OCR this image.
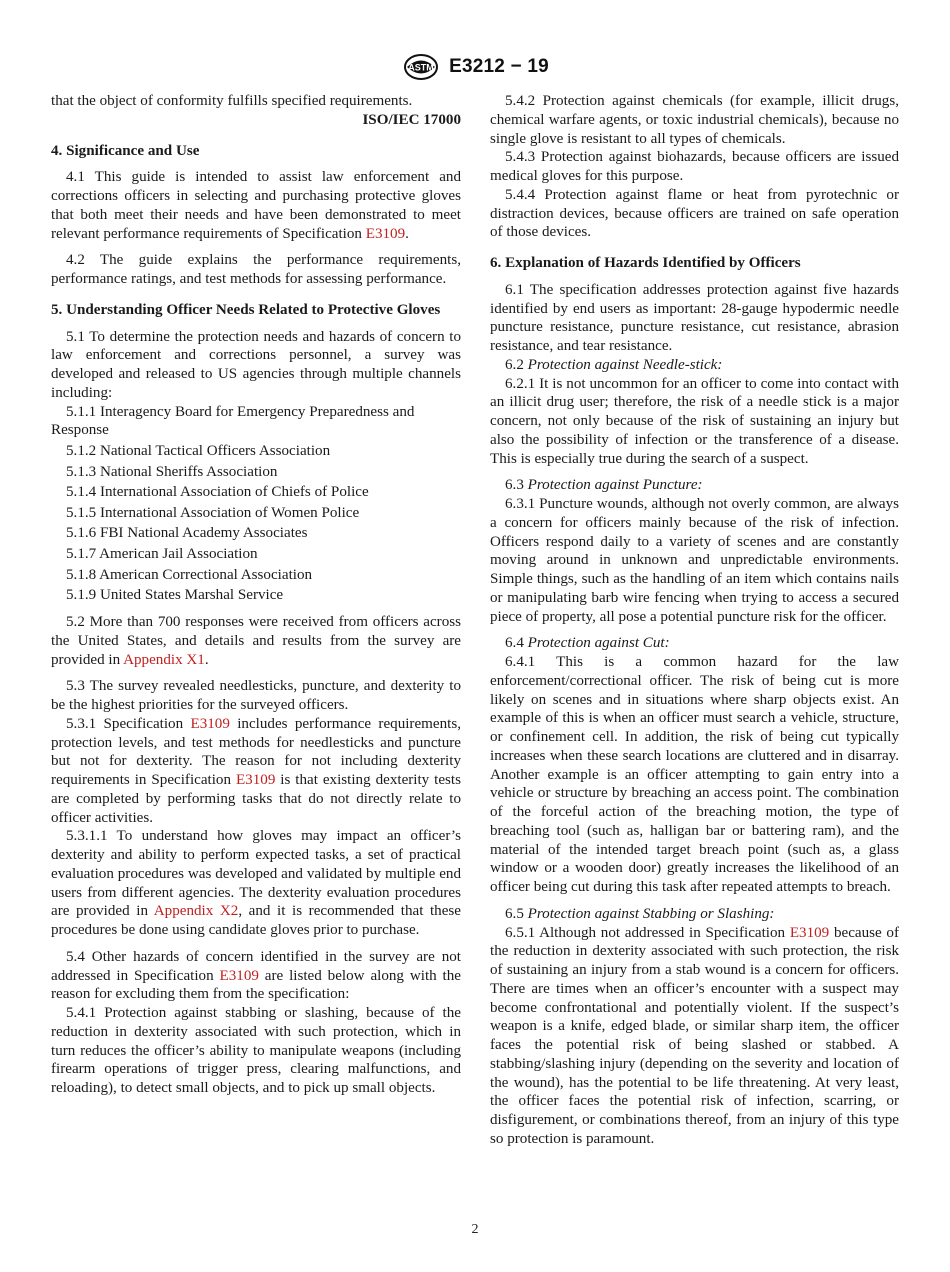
ASTM E3212 − 19

that the object of conformity fulfills specified requirements.

ISO/IEC 17000

4. Significance and Use

4.1 This guide is intended to assist law enforcement and corrections officers in selecting and purchasing protective gloves that both meet their needs and have been demonstrated to meet relevant performance requirements of Specification E3109.

4.2 The guide explains the performance requirements, performance ratings, and test methods for assessing performance.

5. Understanding Officer Needs Related to Protective Gloves

5.1 To determine the protection needs and hazards of concern to law enforcement and corrections personnel, a survey was developed and released to US agencies through multiple channels including:

5.1.1 Interagency Board for Emergency Preparedness and Response

5.1.2 National Tactical Officers Association

5.1.3 National Sheriffs Association

5.1.4 International Association of Chiefs of Police

5.1.5 International Association of Women Police

5.1.6 FBI National Academy Associates

5.1.7 American Jail Association

5.1.8 American Correctional Association

5.1.9 United States Marshal Service

5.2 More than 700 responses were received from officers across the United States, and details and results from the survey are provided in Appendix X1.

5.3 The survey revealed needlesticks, puncture, and dexterity to be the highest priorities for the surveyed officers.

5.3.1 Specification E3109 includes performance requirements, protection levels, and test methods for needlesticks and puncture but not for dexterity. The reason for not including dexterity requirements in Specification E3109 is that existing dexterity tests are completed by performing tasks that do not directly relate to officer activities.

5.3.1.1 To understand how gloves may impact an officer’s dexterity and ability to perform expected tasks, a set of practical evaluation procedures was developed and validated by multiple end users from different agencies. The dexterity evaluation procedures are provided in Appendix X2, and it is recommended that these procedures be done using candidate gloves prior to purchase.

5.4 Other hazards of concern identified in the survey are not addressed in Specification E3109 are listed below along with the reason for excluding them from the specification:

5.4.1 Protection against stabbing or slashing, because of the reduction in dexterity associated with such protection, which in turn reduces the officer’s ability to manipulate weapons (including firearm operations of trigger press, clearing malfunctions, and reloading), to detect small objects, and to pick up small objects.

5.4.2 Protection against chemicals (for example, illicit drugs, chemical warfare agents, or toxic industrial chemicals), because no single glove is resistant to all types of chemicals.

5.4.3 Protection against biohazards, because officers are issued medical gloves for this purpose.

5.4.4 Protection against flame or heat from pyrotechnic or distraction devices, because officers are trained on safe operation of those devices.

6. Explanation of Hazards Identified by Officers

6.1 The specification addresses protection against five hazards identified by end users as important: 28-gauge hypodermic needle puncture resistance, puncture resistance, cut resistance, abrasion resistance, and tear resistance.

6.2 Protection against Needle-stick:

6.2.1 It is not uncommon for an officer to come into contact with an illicit drug user; therefore, the risk of a needle stick is a major concern, not only because of the risk of sustaining an injury but also the possibility of infection or the transference of a disease. This is especially true during the search of a suspect.

6.3 Protection against Puncture:

6.3.1 Puncture wounds, although not overly common, are always a concern for officers mainly because of the risk of infection. Officers respond daily to a variety of scenes and are constantly moving around in unknown and unpredictable environments. Simple things, such as the handling of an item which contains nails or manipulating barb wire fencing when trying to access a secured piece of property, all pose a potential puncture risk for the officer.

6.4 Protection against Cut:

6.4.1 This is a common hazard for the law enforcement/correctional officer. The risk of being cut is more likely on scenes and in situations where sharp objects exist. An example of this is when an officer must search a vehicle, structure, or confinement cell. In addition, the risk of being cut typically increases when these search locations are cluttered and in disarray. Another example is an officer attempting to gain entry into a vehicle or structure by breaching an access point. The combination of the forceful action of the breaching motion, the type of breaching tool (such as, halligan bar or battering ram), and the material of the intended target breach point (such as, a glass window or a wooden door) greatly increases the likelihood of an officer being cut during this task after repeated attempts to breach.

6.5 Protection against Stabbing or Slashing:

6.5.1 Although not addressed in Specification E3109 because of the reduction in dexterity associated with such protection, the risk of sustaining an injury from a stab wound is a concern for officers. There are times when an officer’s encounter with a suspect may become confrontational and potentially violent. If the suspect’s weapon is a knife, edged blade, or similar sharp item, the officer faces the potential risk of being slashed or stabbed. A stabbing/slashing injury (depending on the severity and location of the wound), has the potential to be life threatening. At very least, the officer faces the potential risk of infection, scarring, or disfigurement, or combinations thereof, from an injury of this type so protection is paramount.

2
